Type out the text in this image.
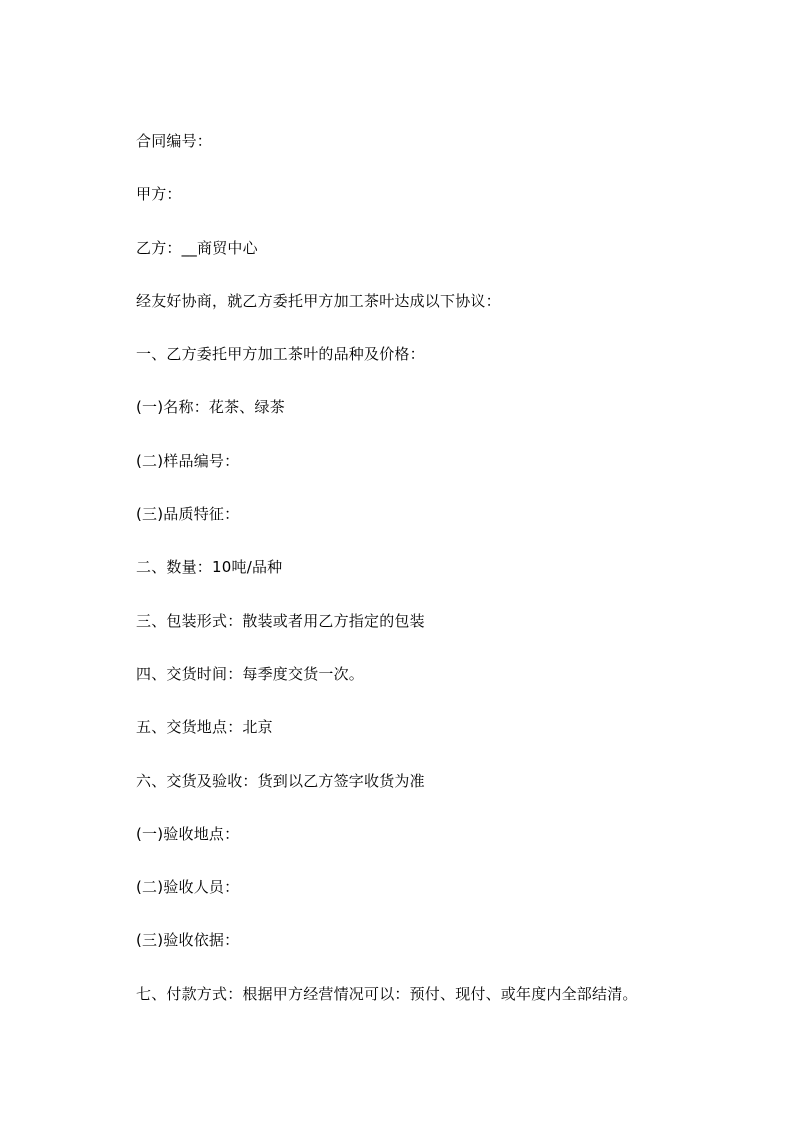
合同编号：
甲方：
乙方：__商贸中心
经友好协商，就乙方委托甲方加工茶叶达成以下协议：
一、乙方委托甲方加工茶叶的品种及价格：
(一)名称：花茶、绿茶
(二)样品编号：
(三)品质特征：
二、数量：10吨/品种
三、包装形式：散装或者用乙方指定的包装
四、交货时间：每季度交货一次。
五、交货地点：北京
六、交货及验收：货到以乙方签字收货为准
(一)验收地点：
(二)验收人员：
(三)验收依据：
七、付款方式：根据甲方经营情况可以：预付、现付、或年度内全部结清。
